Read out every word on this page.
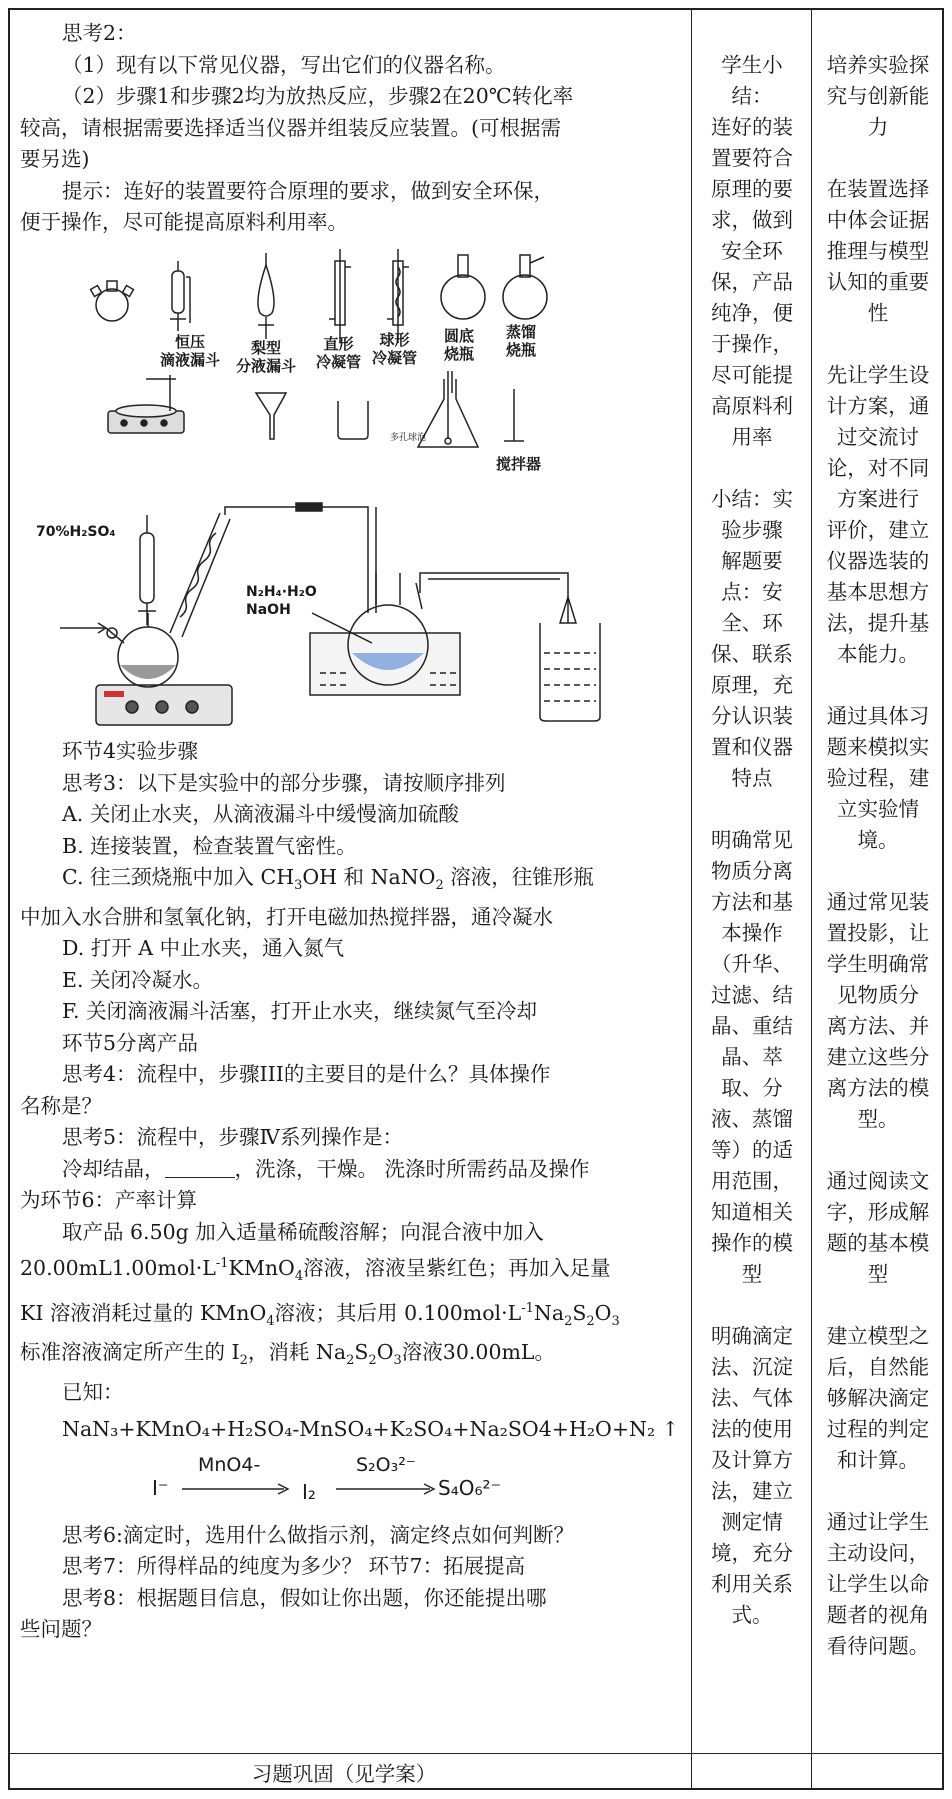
思考2：
（1）现有以下常见仪器，写出它们的仪器名称。
（2）步骤1和步骤2均为放热反应，步骤2在20℃转化率
较高，请根据需要选择适当仪器并组装反应装置。(可根据需
要另选)
提示：连好的装置要符合原理的要求，做到安全环保，
便于操作，尽可能提高原料利用率。
恒压
滴液漏斗
梨型
分液漏斗
直形
冷凝管
球形
冷凝管
圆底
烧瓶
蒸馏
烧瓶
多孔球泡
搅拌器
70%H₂SO₄
N₂H₄·H₂O
NaOH
环节4实验步骤
思考3：以下是实验中的部分步骤，请按顺序排列
A. 关闭止水夹，从滴液漏斗中缓慢滴加硫酸
B. 连接装置，检查装置气密性。
C. 往三颈烧瓶中加入 $CH_3OH$ 和 NaNO$_2$ 溶液，往锥形瓶
中加入水合肼和氢氧化钠，打开电磁加热搅拌器，通冷凝水
D. 打开 A 中止水夹，通入氮气
E. 关闭冷凝水。
F. 关闭滴液漏斗活塞，打开止水夹，继续氮气至冷却
环节5分离产品
思考4：流程中，步骤III的主要目的是什么？具体操作
名称是？
思考5：流程中，步骤Ⅳ系列操作是：
冷却结晶，	，洗涤，干燥。 洗涤时所需药品及操作
为环节6：产率计算
取产品 6.50g 加入适量稀硫酸溶解；向混合液中加入
$20.00mL1.00mol\cdot L^{-1}KMnO_4$溶液，溶液呈紫红色；再加入足量
KI 溶液消耗过量的 KMnO$_4$溶液；其后用 $0.100mol\cdot L^{-1}Na_2S_2O_3$
标准溶液滴定所产生的 $I_2$，消耗 $Na_2S_2O_3$溶液30.00mL。
已知：
NaN₃+KMnO₄+H₂SO₄-MnSO₄+K₂SO₄+Na₂SO4+H₂O+N₂ ↑
I⁻
MnO4-
I₂
S₂O₃²⁻
S₄O₆²⁻
思考6:滴定时，选用什么做指示剂，滴定终点如何判断？
思考7：所得样品的纯度为多少？ 环节7：拓展提高
思考8：根据题目信息，假如让你出题，你还能提出哪
些问题？

学生小
结：
连好的装
置要符合
原理的要
求，做到
安全环
保，产品
纯净，便
于操作，
尽可能提
高原料利
用率

小结：实
验步骤
解题要
点：安
全、环
保、联系
原理，充
分认识装
置和仪器
特点

明确常见
物质分离
方法和基
本操作
（升华、
过滤、结
晶、重结
晶、萃
取、分
液、蒸馏
等）的适
用范围，
知道相关
操作的模
型

明确滴定
法、沉淀
法、气体
法的使用
及计算方
法，建立
测定情
境，充分
利用关系
式。

培养实验探
究与创新能
力

在装置选择
中体会证据
推理与模型
认知的重要
性

先让学生设
计方案，通
过交流讨
论，对不同
方案进行
评价，建立
仪器选装的
基本思想方
法，提升基
本能力。

通过具体习
题来模拟实
验过程，建
立实验情
境。

通过常见装
置投影，让
学生明确常
见物质分
离方法、并
建立这些分
离方法的模
型。

通过阅读文
字，形成解
题的基本模
型

建立模型之
后，自然能
够解决滴定
过程的判定
和计算。

通过让学生
主动设问，
让学生以命
题者的视角
看待问题。

习题巩固（见学案）
